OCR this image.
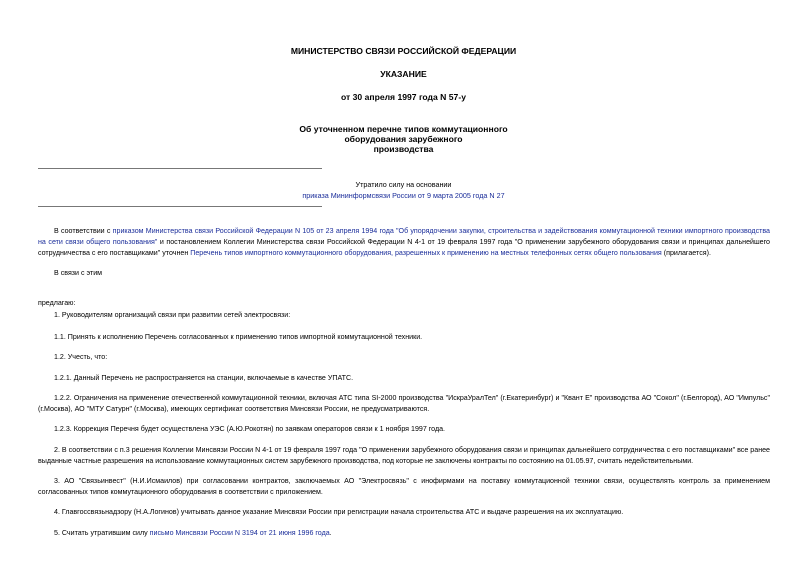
МИНИСТЕРСТВО СВЯЗИ РОССИЙСКОЙ ФЕДЕРАЦИИ
УКАЗАНИЕ
от 30 апреля 1997 года N 57-у
Об уточненном перечне типов коммутационного
оборудования зарубежного
производства
Утратило силу на основании
приказа Мининформсвязи России от 9 марта 2005 года N 27
В соответствии с приказом Министерства связи Российской Федерации N 105 от 23 апреля 1994 года "Об упорядочении закупки, строительства и задействования коммутационной техники импортного производства на сети связи общего пользования" и постановлением Коллегии Министерства связи Российской Федерации N 4-1 от 19 февраля 1997 года "О применении зарубежного оборудования связи и принципах дальнейшего сотрудничества с его поставщиками" уточнен Перечень типов импортного коммутационного оборудования, разрешенных к применению на местных телефонных сетях общего пользования (прилагается).
В связи с этим
предлагаю:
1. Руководителям организаций связи при развитии сетей электросвязи:
1.1. Принять к исполнению Перечень согласованных к применению типов импортной коммутационной техники.
1.2. Учесть, что:
1.2.1. Данный Перечень не распространяется на станции, включаемые в качестве УПАТС.
1.2.2. Ограничения на применение отечественной коммутационной техники, включая АТС типа SI-2000 производства "ИскраУралТел" (г.Екатеринбург) и "Квант Е" производства АО "Сокол" (г.Белгород), АО "Импульс" (г.Москва), АО "МТУ Сатурн" (г.Москва), имеющих сертификат соответствия Минсвязи России, не предусматриваются.
1.2.3. Коррекция Перечня будет осуществлена УЭС (А.Ю.Рокотян) по заявкам операторов связи к 1 ноября 1997 года.
2. В соответствии с п.3 решения Коллегии Минсвязи России N 4-1 от 19 февраля 1997 года "О применении зарубежного оборудования связи и принципах дальнейшего сотрудничества с его поставщиками" все ранее выданные частные разрешения на использование коммутационных систем зарубежного производства, под которые не заключены контракты по состоянию на 01.05.97, считать недействительными.
3. АО "Связьинвест" (Н.И.Исмаилов) при согласовании контрактов, заключаемых АО "Электросвязь" с инофирмами на поставку коммутационной техники связи, осуществлять контроль за применением согласованных типов коммутационного оборудования в соответствии с приложением.
4. Главгоссвязьнадзору (Н.А.Логинов) учитывать данное указание Минсвязи России при регистрации начала строительства АТС и выдаче разрешения на их эксплуатацию.
5. Считать утратившим силу письмо Минсвязи России N 3194 от 21 июня 1996 года.
